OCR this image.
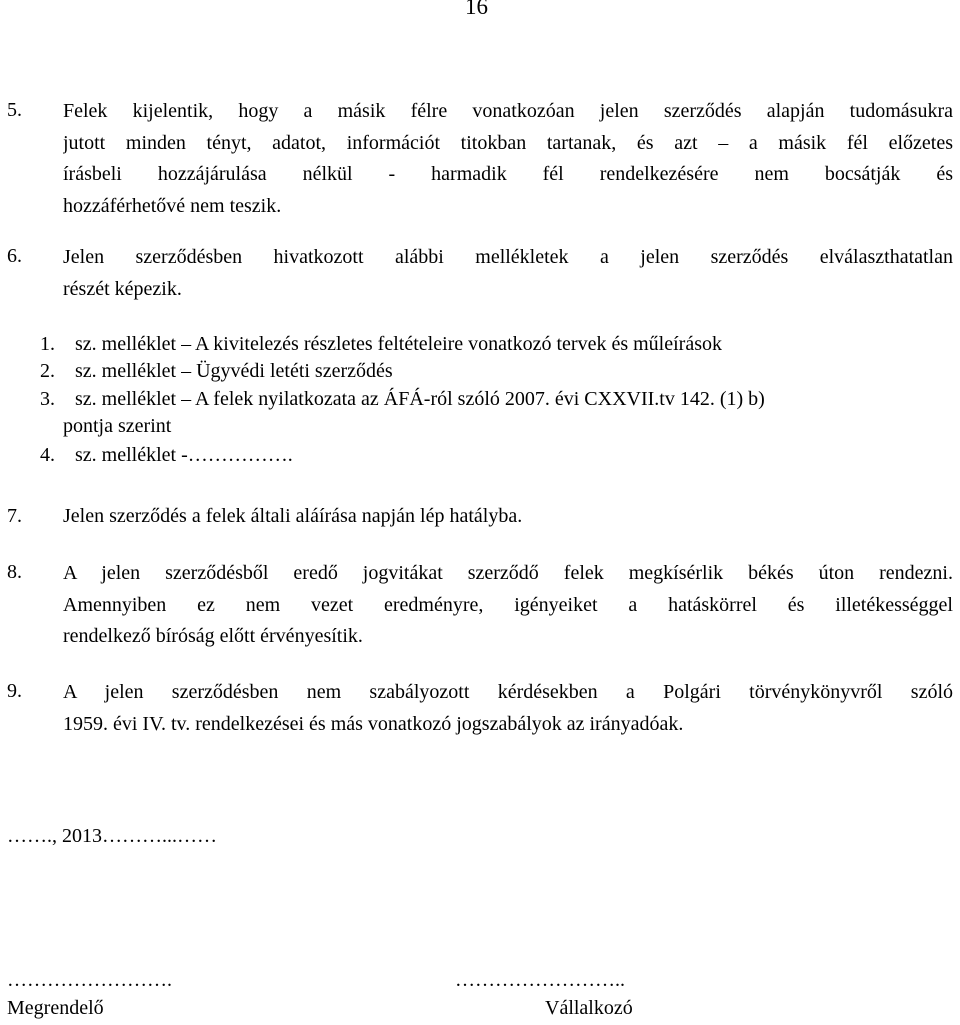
16
5. Felek kijelentik, hogy a másik félre vonatkozóan jelen szerződés alapján tudomásukra
jutott minden tényt, adatot, információt titokban tartanak, és azt – a másik fél előzetes
írásbeli hozzájárulása nélkül - harmadik fél rendelkezésére nem bocsátják és
hozzáférhetővé nem teszik.
6. Jelen szerződésben hivatkozott alábbi mellékletek a jelen szerződés elválaszthatatlan
részét képezik.
1. sz. melléklet – A kivitelezés részletes feltételeire vonatkozó tervek és műleírások
2. sz. melléklet – Ügyvédi letéti szerződés
3. sz. melléklet – A felek nyilatkozata az ÁFÁ-ról szóló 2007. évi CXXVII.tv 142. (1) b)
pontja szerint
4. sz. melléklet -…………….
7. Jelen szerződés a felek általi aláírása napján lép hatályba.
8. A jelen szerződésből eredő jogvitákat szerződő felek megkísérlik békés úton rendezni.
Amennyiben ez nem vezet eredményre, igényeiket a hatáskörrel és illetékességgel
rendelkező bíróság előtt érvényesítik.
9. A jelen szerződésben nem szabályozott kérdésekben a Polgári törvénykönyvről szóló
1959. évi IV. tv. rendelkezései és más vonatkozó jogszabályok az irányadóak.
……., 2013………...……
…………………….
Megrendelő
……………………..
Vállalkozó
